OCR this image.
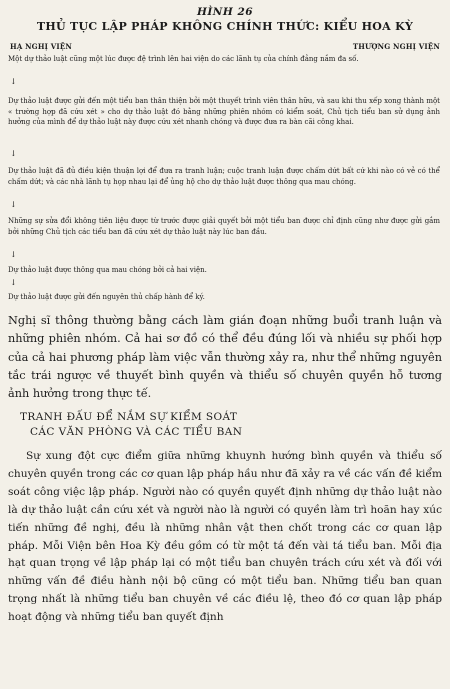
HÌNH 26
THỦ TỤC LẬP PHÁP KHÔNG CHÍNH THỨC: KIỂU HOA KỲ
HẠ NGHỊ VIỆN	THƯỢNG NGHỊ VIỆN
Một dự thảo luật cũng một lúc được đệ trình lên hai viện do các lãnh tụ của chính đảng nắm đa số.
↓
Dự thảo luật được gửi đến một tiểu ban thân thiện bởi một thuyết trình viên thân hữu, và sau khi thu xếp xong thành một « trường hợp đã cứu xét » cho dự thảo luật đó bằng những phiên nhóm có kiểm soát, Chủ tịch tiểu ban sử dụng ảnh hưởng của mình để dự thảo luật này được cứu xét nhanh chóng và được đưa ra bàn cãi công khai.
↓
Dự thảo luật đã đủ điều kiện thuận lợi để đưa ra tranh luận; cuộc tranh luận được chấm dứt bất cứ khi nào có vẻ có thể chấm dứt; và các nhà lãnh tụ họp nhau lại để ủng hộ cho dự thảo luật được thông qua mau chóng.
↓
Những sự sửa đổi không tiên liệu được từ trước được giải quyết bởi một tiểu ban được chỉ định cũng như được gửi gắm bởi những Chủ tịch các tiểu ban đã cứu xét dự thảo luật này lúc ban đầu.
↓
Dự thảo luật được thông qua mau chóng bởi cả hai viện.
↓
Dự thảo luật được gửi đến nguyên thủ chấp hành để ký.
Nghị sĩ thông thường bằng cách làm gián đoạn những buổi tranh luận và những phiên nhóm. Cả hai sơ đồ có thể đều đúng lối và nhiều sự phối hợp của cả hai phương pháp làm việc vẫn thường xảy ra, như thể những nguyên tắc trái ngược về thuyết bình quyền và thiểu số chuyên quyền hỗ tương ảnh hưởng trong thực tế.
TRANH ĐẤU ĐỂ NẮM SỰ KIỂM SOÁT
CÁC VĂN PHÒNG VÀ CÁC TIỂU BAN
Sự xung đột cực điểm giữa những khuynh hướng bình quyền và thiểu số chuyên quyền trong các cơ quan lập pháp hầu như đã xảy ra về các vấn đề kiểm soát công việc lập pháp. Người nào có quyền quyết định những dự thảo luật nào là dự thảo luật cần cứu xét và người nào là người có quyền làm trì hoãn hay xúc tiến những đề nghị, đều là những nhân vật then chốt trong các cơ quan lập pháp. Mỗi Viện bên Hoa Kỳ đều gồm có từ một tá đến vài tá tiểu ban. Mỗi địa hạt quan trọng về lập pháp lại có một tiểu ban chuyên trách cứu xét và đối với những vấn đề điều hành nội bộ cũng có một tiểu ban. Những tiểu ban quan trọng nhất là những tiểu ban chuyên về các điều lệ, theo đó cơ quan lập pháp hoạt động và những tiểu ban quyết định
